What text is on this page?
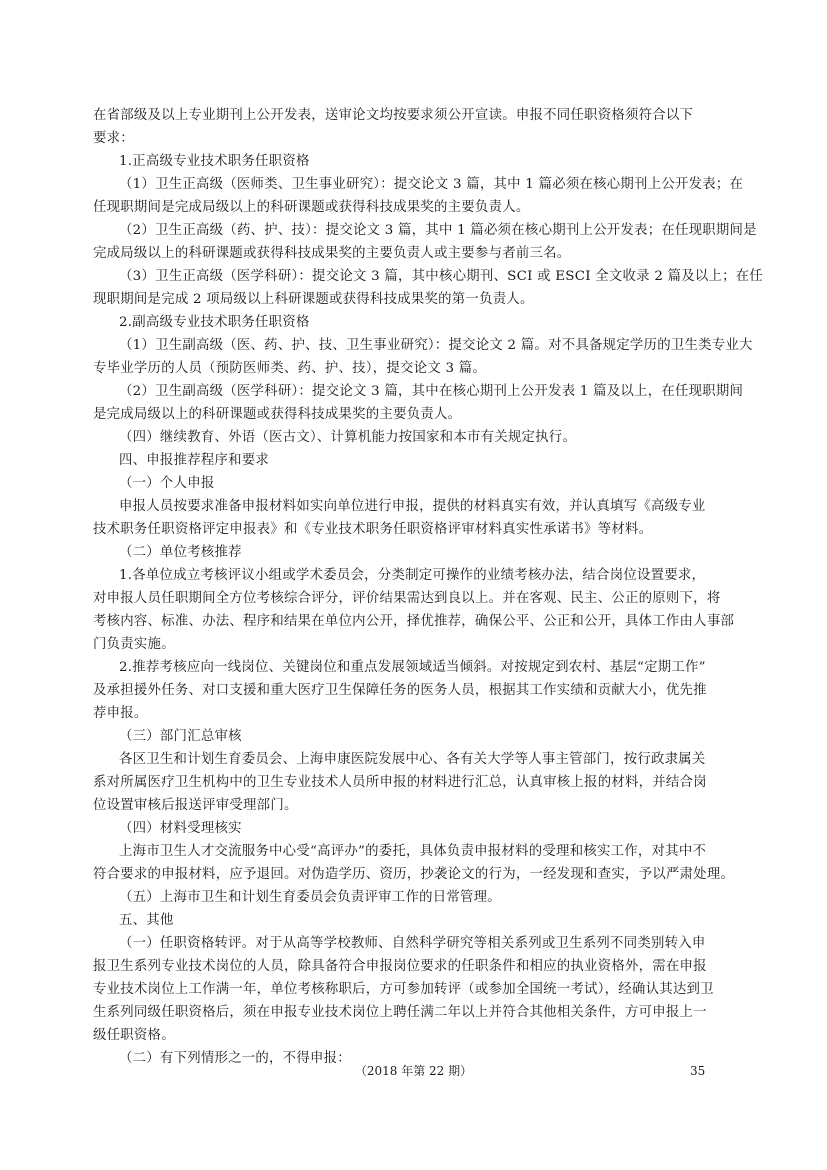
在省部级及以上专业期刊上公开发表，送审论文均按要求须公开宣读。申报不同任职资格须符合以下
要求：
1.正高级专业技术职务任职资格
（1）卫生正高级（医师类、卫生事业研究）：提交论文 3 篇，其中 1 篇必须在核心期刊上公开发表；在
任现职期间是完成局级以上的科研课题或获得科技成果奖的主要负责人。
（2）卫生正高级（药、护、技）：提交论文 3 篇，其中 1 篇必须在核心期刊上公开发表；在任现职期间是
完成局级以上的科研课题或获得科技成果奖的主要负责人或主要参与者前三名。
（3）卫生正高级（医学科研）：提交论文 3 篇，其中核心期刊、SCI 或 ESCI 全文收录 2 篇及以上；在任
现职期间是完成 2 项局级以上科研课题或获得科技成果奖的第一负责人。
2.副高级专业技术职务任职资格
（1）卫生副高级（医、药、护、技、卫生事业研究）：提交论文 2 篇。对不具备规定学历的卫生类专业大
专毕业学历的人员（预防医师类、药、护、技），提交论文 3 篇。
（2）卫生副高级（医学科研）：提交论文 3 篇，其中在核心期刊上公开发表 1 篇及以上，在任现职期间
是完成局级以上的科研课题或获得科技成果奖的主要负责人。
（四）继续教育、外语（医古文）、计算机能力按国家和本市有关规定执行。
四、申报推荐程序和要求
（一）个人申报
申报人员按要求准备申报材料如实向单位进行申报，提供的材料真实有效，并认真填写《高级专业
技术职务任职资格评定申报表》和《专业技术职务任职资格评审材料真实性承诺书》等材料。
（二）单位考核推荐
1.各单位成立考核评议小组或学术委员会，分类制定可操作的业绩考核办法，结合岗位设置要求，
对申报人员任职期间全方位考核综合评分，评价结果需达到良以上。并在客观、民主、公正的原则下，将
考核内容、标准、办法、程序和结果在单位内公开，择优推荐，确保公平、公正和公开，具体工作由人事部
门负责实施。
2.推荐考核应向一线岗位、关键岗位和重点发展领域适当倾斜。对按规定到农村、基层“定期工作”
及承担援外任务、对口支援和重大医疗卫生保障任务的医务人员，根据其工作实绩和贡献大小，优先推
荐申报。
（三）部门汇总审核
各区卫生和计划生育委员会、上海申康医院发展中心、各有关大学等人事主管部门，按行政隶属关
系对所属医疗卫生机构中的卫生专业技术人员所申报的材料进行汇总，认真审核上报的材料，并结合岗
位设置审核后报送评审受理部门。
（四）材料受理核实
上海市卫生人才交流服务中心受“高评办”的委托，具体负责申报材料的受理和核实工作，对其中不
符合要求的申报材料，应予退回。对伪造学历、资历，抄袭论文的行为，一经发现和查实，予以严肃处理。
（五）上海市卫生和计划生育委员会负责评审工作的日常管理。
五、其他
（一）任职资格转评。对于从高等学校教师、自然科学研究等相关系列或卫生系列不同类别转入申
报卫生系列专业技术岗位的人员，除具备符合申报岗位要求的任职条件和相应的执业资格外，需在申报
专业技术岗位上工作满一年，单位考核称职后，方可参加转评（或参加全国统一考试），经确认其达到卫
生系列同级任职资格后，须在申报专业技术岗位上聘任满二年以上并符合其他相关条件，方可申报上一
级任职资格。
（二）有下列情形之一的，不得申报：
（2018 年第 22 期）	35
